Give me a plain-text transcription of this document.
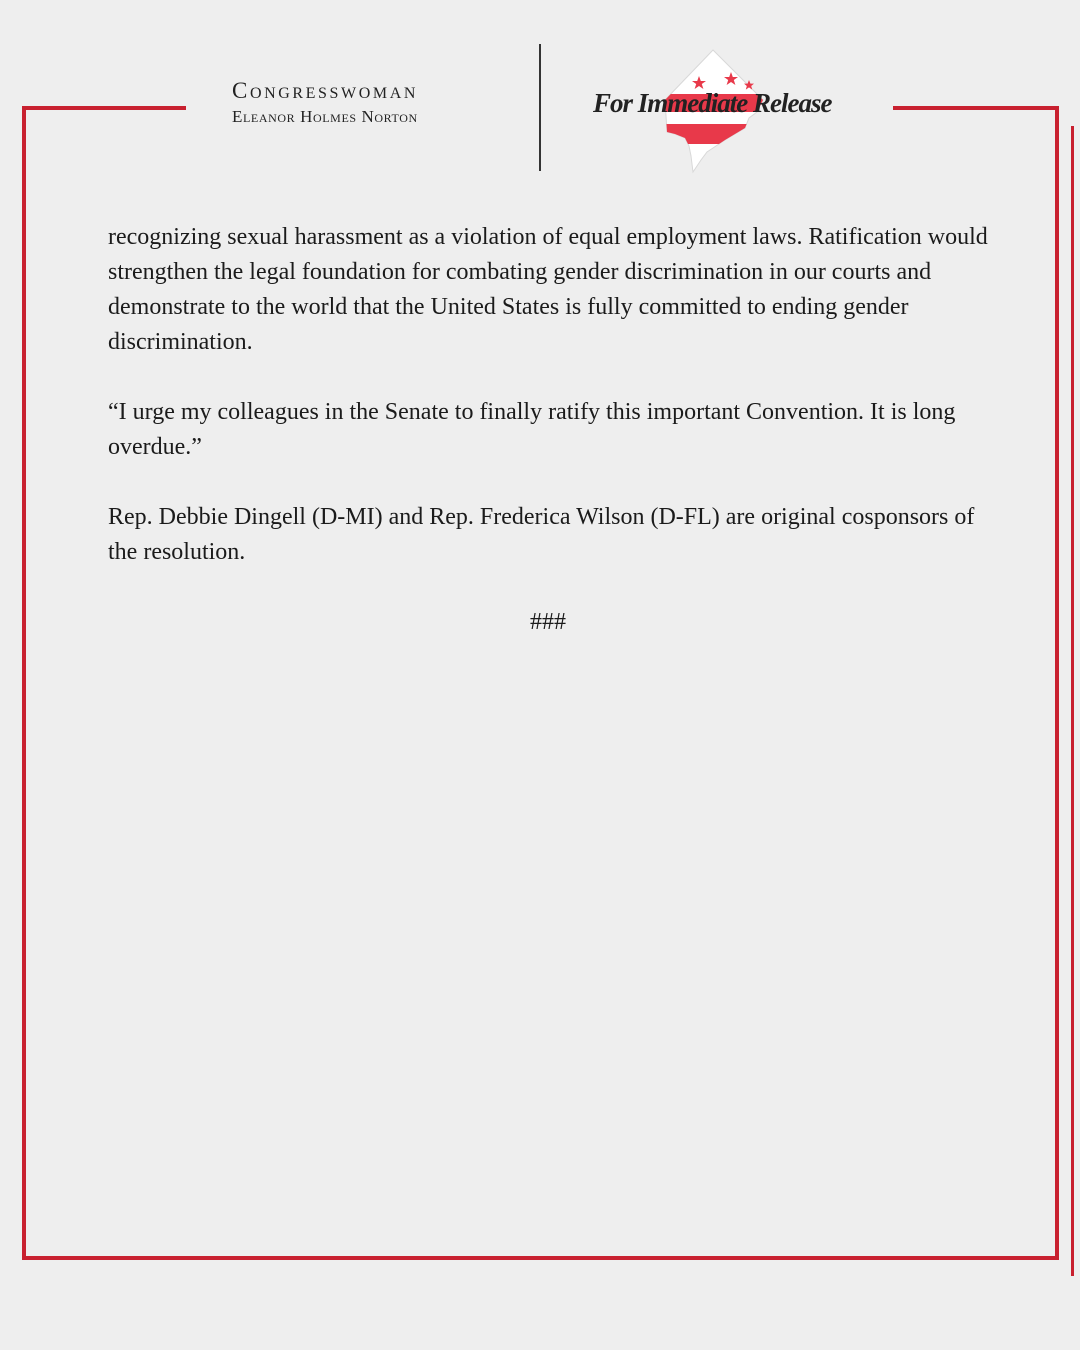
Congresswoman
Eleanor Holmes Norton	For Immediate Release

recognizing sexual harassment as a violation of equal employment laws. Ratification would strengthen the legal foundation for combating gender discrimination in our courts and demonstrate to the world that the United States is fully committed to ending gender discrimination.

“I urge my colleagues in the Senate to finally ratify this important Convention. It is long overdue.”

Rep. Debbie Dingell (D-MI) and Rep. Frederica Wilson (D-FL) are original cosponsors of the resolution.

###
